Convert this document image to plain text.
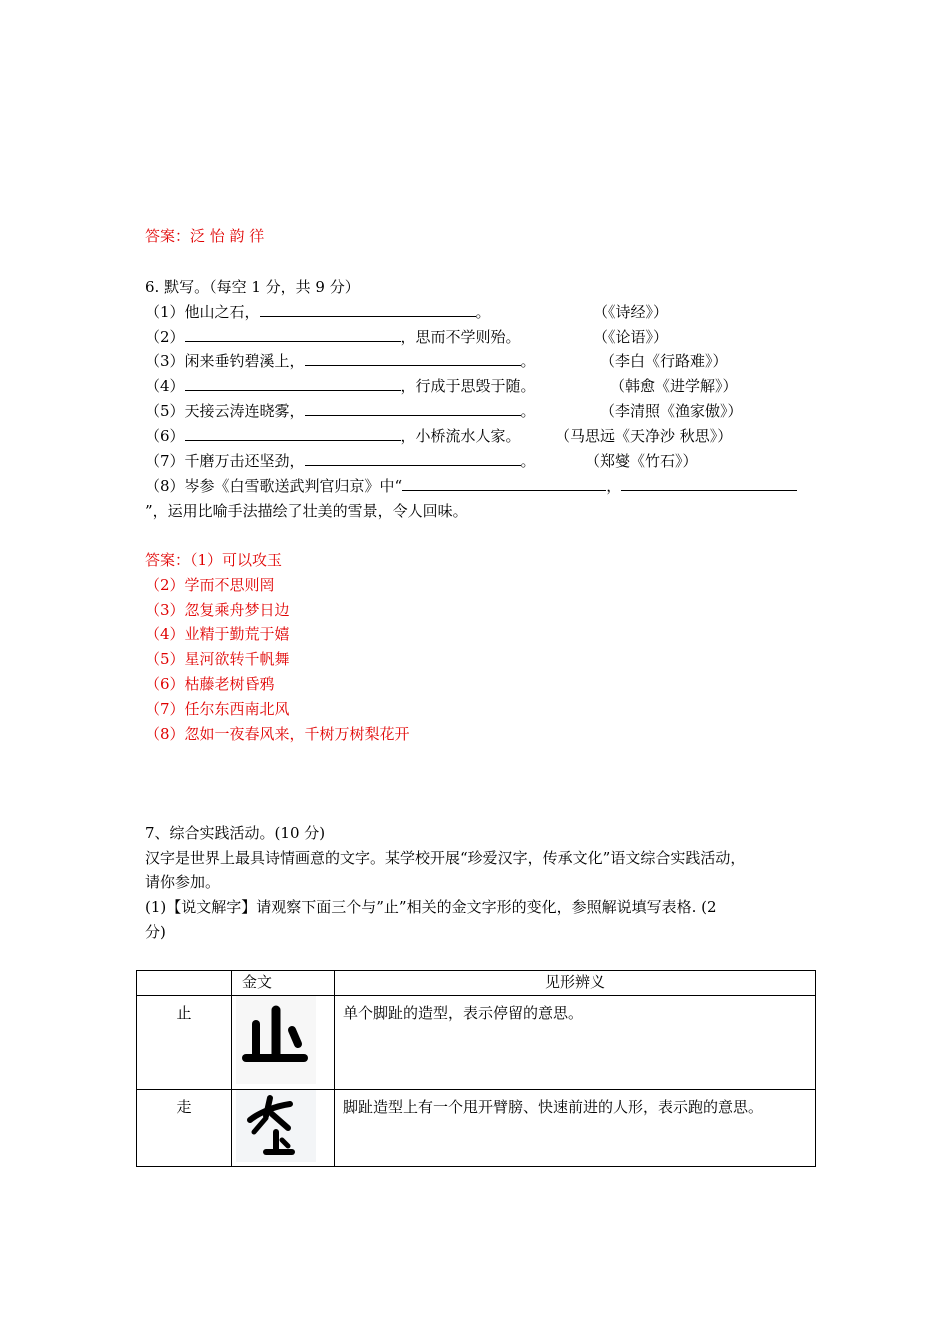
答案：泛 怡 韵 徉
6. 默写。（每空 1 分，共 9 分）
（1）他山之石，	。	（《诗经》）
（2）	，思而不学则殆。	（《论语》）
（3）闲来垂钓碧溪上，	。	（李白《行路难》）
（4）	，行成于思毁于随。	（韩愈《进学解》）
（5）天接云涛连晓雾，	。	（李清照《渔家傲》）
（6）	，小桥流水人家。 （马思远《天净沙 秋思》）
（7）千磨万击还坚劲，	。	（郑燮《竹石》）
（8）岑参《白雪歌送武判官归京》中“	，
”，运用比喻手法描绘了壮美的雪景，令人回味。
答案：（1）可以攻玉
（2）学而不思则罔
（3）忽复乘舟梦日边
（4）业精于勤荒于嬉
（5）星河欲转千帆舞
（6）枯藤老树昏鸦
（7）任尔东西南北风
（8）忽如一夜春风来，千树万树梨花开
7、综合实践活动。(10 分)
汉字是世界上最具诗情画意的文字。某学校开展“珍爱汉字，传承文化”语文综合实践活动，
请你参加。
(1)【说文解字】请观察下面三个与”止”相关的金文字形的变化，参照解说填写表格. (2
分)
	金文	见形辨义
止		单个脚趾的造型，表示停留的意思。
走		脚趾造型上有一个甩开臂膀、快速前进的人形，表示跑的意思。
